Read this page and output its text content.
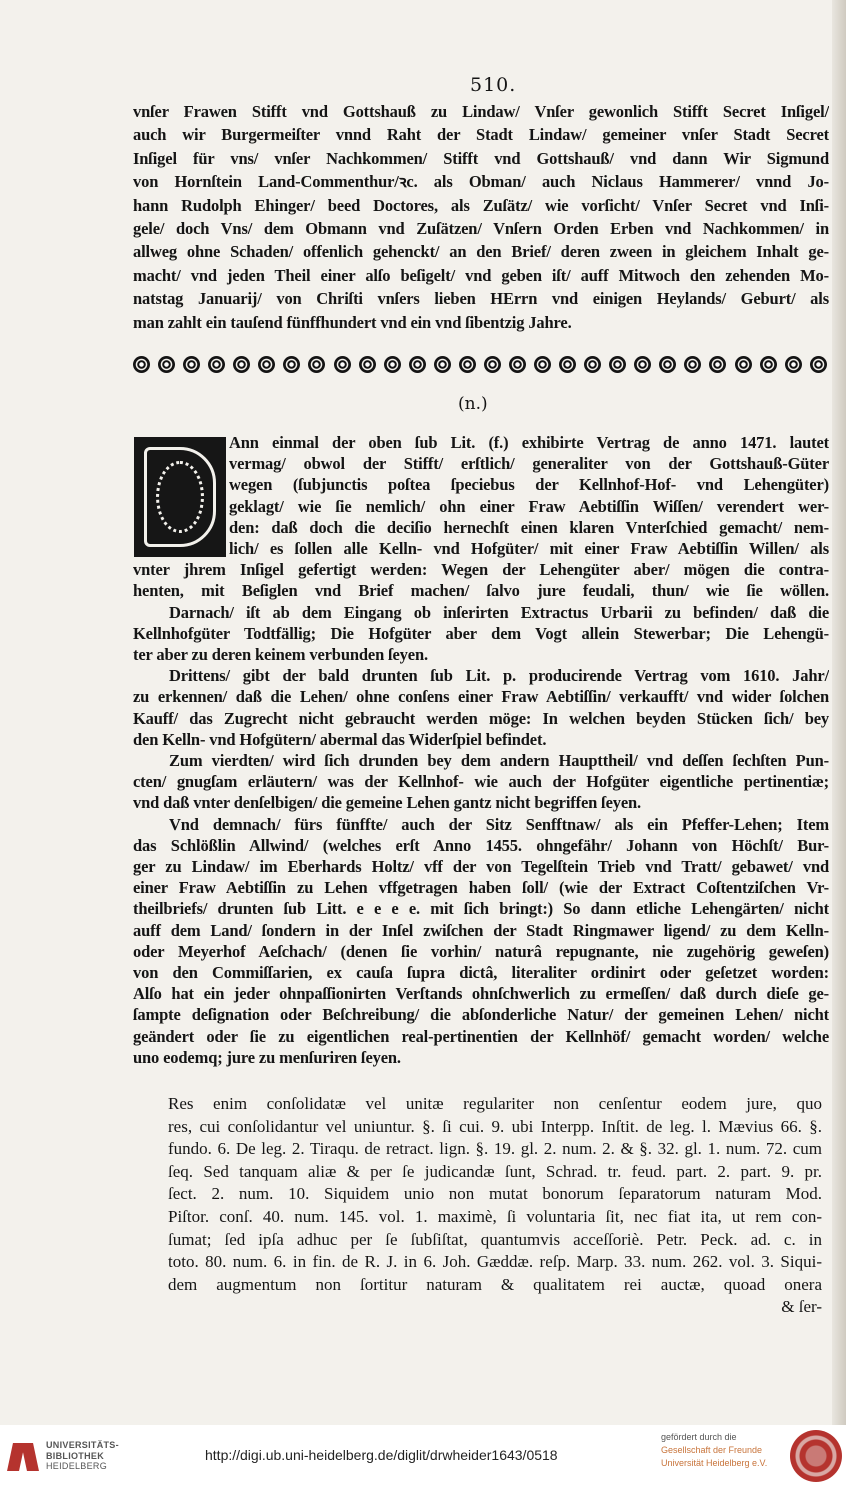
510.
vnſer Frawen Stifft vnd Gottshauß zu Lindaw/ Vnſer gewonlich Stifft Secret Inſigel/
auch wir Burgermeiſter vnnd Raht der Stadt Lindaw/ gemeiner vnſer Stadt Secret
Inſigel für vns/ vnſer Nachkommen/ Stifft vnd Gottshauß/ vnd dann Wir Sigmund
von Hornſtein Land-Commenthur/ꝛc. als Obman/ auch Niclaus Hammerer/ vnnd Jo-
hann Rudolph Ehinger/ beed Doctores, als Zuſätz/ wie vorſicht/ Vnſer Secret vnd Inſi-
gele/ doch Vns/ dem Obmann vnd Zuſätzen/ Vnſern Orden Erben vnd Nachkommen/ in
allweg ohne Schaden/ offenlich gehenckt/ an den Brief/ deren zween in gleichem Inhalt ge-
macht/ vnd jeden Theil einer alſo beſigelt/ vnd geben iſt/ auff Mitwoch den zehenden Mo-
natstag Januarij/ von Chriſti vnſers lieben HErrn vnd einigen Heylands/ Geburt/ als
man zahlt ein tauſend fünffhundert vnd ein vnd ſibentzig Jahre.
(n.)
Ann einmal der oben ſub Lit. (f.) exhibirte Vertrag de anno 1471. lautet
vermag/ obwol der Stifft/ erſtlich/ generaliter von der Gottshauß-Güter
wegen (ſubjunctis poſtea ſpeciebus der Kellnhof-Hof- vnd Lehengüter)
geklagt/ wie ſie nemlich/ ohn einer Fraw Aebtiſſin Wiſſen/ verendert wer-
den: daß doch die deciſio hernechſt einen klaren Vnterſchied gemacht/ nem-
lich/ es ſollen alle Kelln- vnd Hofgüter/ mit einer Fraw Aebtiſſin Willen/ als
vnter jhrem Inſigel gefertigt werden: Wegen der Lehengüter aber/ mögen die contra-
henten, mit Beſiglen vnd Brief machen/ ſalvo jure feudali, thun/ wie ſie wöllen.
Darnach/ iſt ab dem Eingang ob inſerirten Extractus Urbarii zu befinden/ daß die
Kellnhofgüter Todtfällig; Die Hofgüter aber dem Vogt allein Stewerbar; Die Lehengü-
ter aber zu deren keinem verbunden ſeyen.
Drittens/ gibt der bald drunten ſub Lit. p. producirende Vertrag vom 1610. Jahr/
zu erkennen/ daß die Lehen/ ohne conſens einer Fraw Aebtiſſin/ verkaufft/ vnd wider ſolchen
Kauff/ das Zugrecht nicht gebraucht werden möge: In welchen beyden Stücken ſich/ bey
den Kelln- vnd Hofgütern/ abermal das Widerſpiel befindet.
Zum vierdten/ wird ſich drunden bey dem andern Haupttheil/ vnd deſſen ſechſten Pun-
cten/ gnugſam erläutern/ was der Kellnhof- wie auch der Hofgüter eigentliche pertinentiæ;
vnd daß vnter denſelbigen/ die gemeine Lehen gantz nicht begriffen ſeyen.
Vnd demnach/ fürs fünffte/ auch der Sitz Senfftnaw/ als ein Pfeffer-Lehen; Item
das Schlößlin Allwind/ (welches erſt Anno 1455. ohngefähr/ Johann von Höchſt/ Bur-
ger zu Lindaw/ im Eberhards Holtz/ vff der von Tegelſtein Trieb vnd Tratt/ gebawet/ vnd
einer Fraw Aebtiſſin zu Lehen vffgetragen haben ſoll/ (wie der Extract Coſtentziſchen Vr-
theilbriefs/ drunten ſub Litt. e e e e. mit ſich bringt:) So dann etliche Lehengärten/ nicht
auff dem Land/ ſondern in der Inſel zwiſchen der Stadt Ringmawer ligend/ zu dem Kelln-
oder Meyerhof Aeſchach/ (denen ſie vorhin/ naturâ repugnante, nie zugehörig geweſen)
von den Commiſſarien, ex cauſa ſupra dictâ, literaliter ordinirt oder geſetzet worden:
Alſo hat ein jeder ohnpaſſionirten Verſtands ohnſchwerlich zu ermeſſen/ daß durch dieſe ge-
ſampte deſignation oder Beſchreibung/ die abſonderliche Natur/ der gemeinen Lehen/ nicht
geändert oder ſie zu eigentlichen real-pertinentien der Kellnhöf/ gemacht worden/ welche
uno eodemq; jure zu menſuriren ſeyen.
Res enim conſolidatæ vel unitæ regulariter non cenſentur eodem jure, quo
res, cui conſolidantur vel uniuntur. §. ſi cui. 9. ubi Interpp. Inſtit. de leg. l. Mævius 66. §.
fundo. 6. De leg. 2. Tiraqu. de retract. lign. §. 19. gl. 2. num. 2. & §. 32. gl. 1. num. 72. cum
ſeq. Sed tanquam aliæ & per ſe judicandæ ſunt, Schrad. tr. feud. part. 2. part. 9. pr.
ſect. 2. num. 10. Siquidem unio non mutat bonorum ſeparatorum naturam Mod.
Piſtor. conſ. 40. num. 145. vol. 1. maximè, ſi voluntaria ſit, nec fiat ita, ut rem con-
ſumat; ſed ipſa adhuc per ſe ſubſiſtat, quantumvis acceſſoriè. Petr. Peck. ad. c. in
toto. 80. num. 6. in fin. de R. J. in 6. Joh. Gæddæ. reſp. Marp. 33. num. 262. vol. 3. Siqui-
dem augmentum non ſortitur naturam & qualitatem rei auctæ, quoad onera
& ſer-
UNIVERSITÄTS-
BIBLIOTHEK
HEIDELBERG
http://digi.ub.uni-heidelberg.de/diglit/drwheider1643/0518
gefördert durch die
Gesellschaft der Freunde
Universität Heidelberg e.V.
